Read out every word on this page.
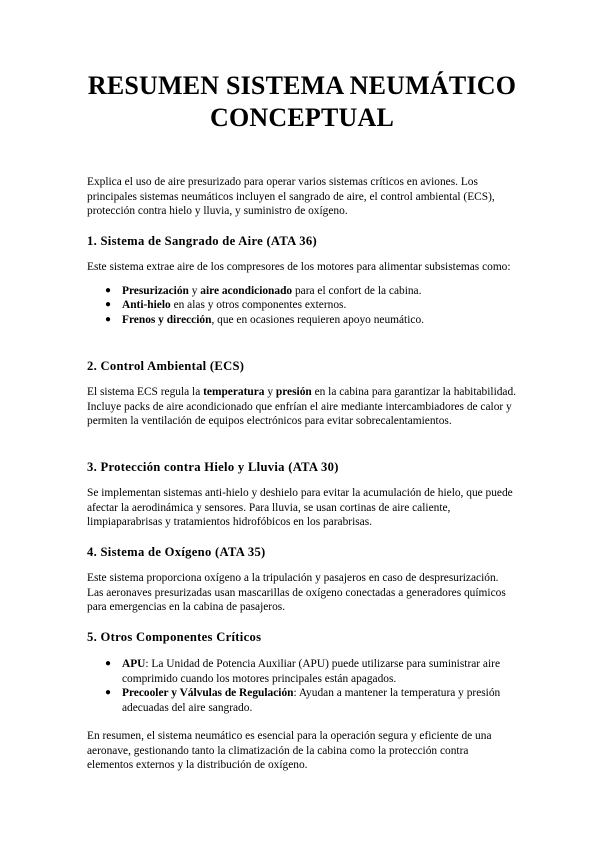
RESUMEN SISTEMA NEUMÁTICO
CONCEPTUAL

Explica el uso de aire presurizado para operar varios sistemas críticos en aviones. Los principales sistemas neumáticos incluyen el sangrado de aire, el control ambiental (ECS), protección contra hielo y lluvia, y suministro de oxígeno.

1. Sistema de Sangrado de Aire (ATA 36)

Este sistema extrae aire de los compresores de los motores para alimentar subsistemas como:

● Presurización y aire acondicionado para el confort de la cabina.
● Anti-hielo en alas y otros componentes externos.
● Frenos y dirección, que en ocasiones requieren apoyo neumático.
2. Control Ambiental (ECS)

El sistema ECS regula la temperatura y presión en la cabina para garantizar la habitabilidad. Incluye packs de aire acondicionado que enfrían el aire mediante intercambiadores de calor y permiten la ventilación de equipos electrónicos para evitar sobrecalentamientos.

3. Protección contra Hielo y Lluvia (ATA 30)

Se implementan sistemas anti-hielo y deshielo para evitar la acumulación de hielo, que puede afectar la aerodinámica y sensores. Para lluvia, se usan cortinas de aire caliente, limpiaparabrisas y tratamientos hidrofóbicos en los parabrisas.

4. Sistema de Oxígeno (ATA 35)

Este sistema proporciona oxígeno a la tripulación y pasajeros en caso de despresurización. Las aeronaves presurizadas usan mascarillas de oxígeno conectadas a generadores químicos para emergencias en la cabina de pasajeros.

5. Otros Componentes Críticos
● APU: La Unidad de Potencia Auxiliar (APU) puede utilizarse para suministrar aire comprimido cuando los motores principales están apagados.
● Precooler y Válvulas de Regulación: Ayudan a mantener la temperatura y presión adecuadas del aire sangrado.

En resumen, el sistema neumático es esencial para la operación segura y eficiente de una aeronave, gestionando tanto la climatización de la cabina como la protección contra elementos externos y la distribución de oxígeno.
